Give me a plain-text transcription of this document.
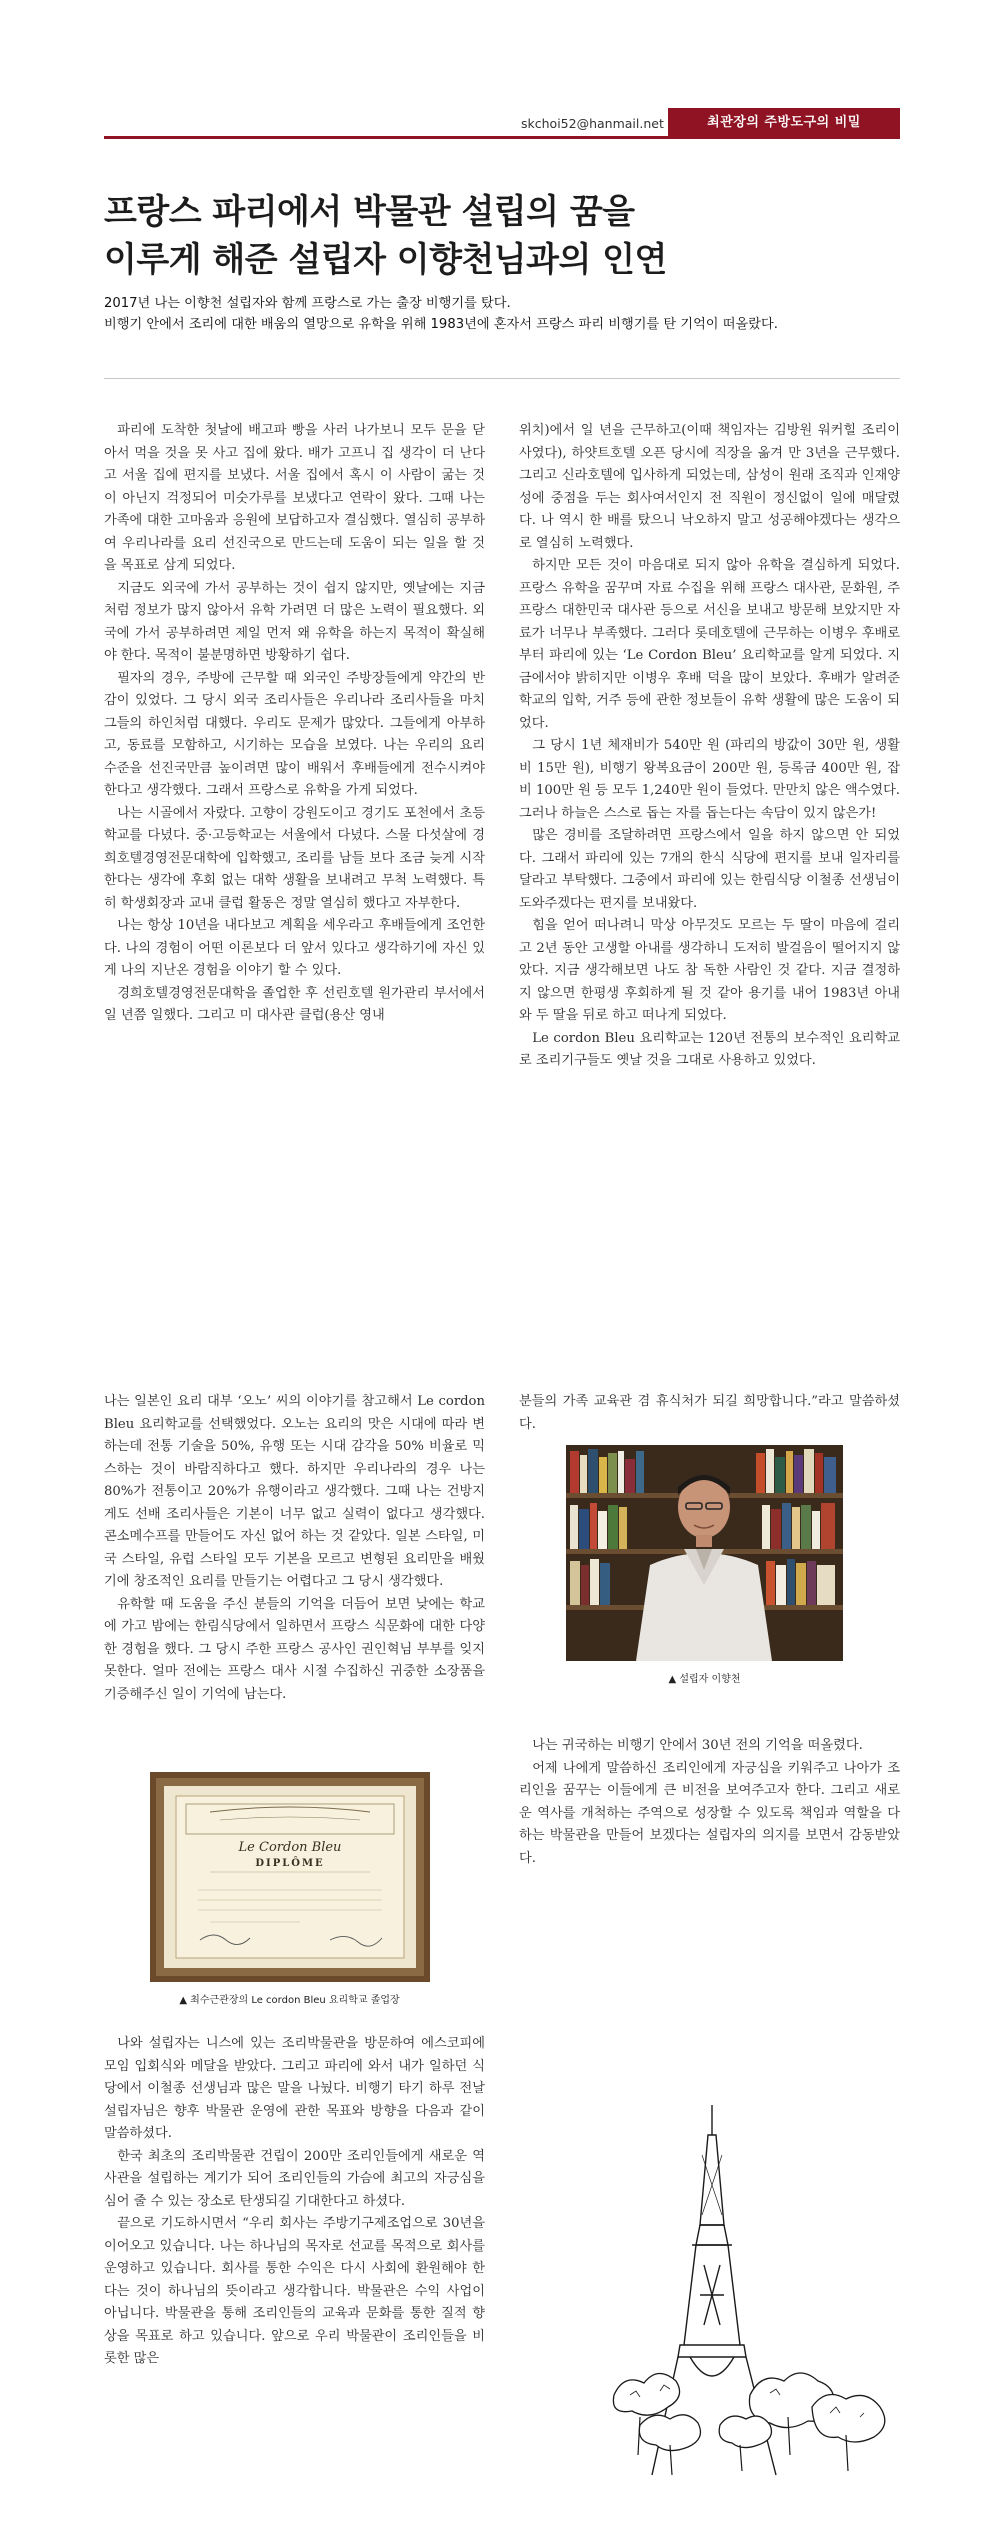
skchoi52@hanmail.net	최관장의 주방도구의 비밀
프랑스 파리에서 박물관 설립의 꿈을
이루게 해준 설립자 이향천님과의 인연
2017년 나는 이향천 설립자와 함께 프랑스로 가는 출장 비행기를 탔다.
비행기 안에서 조리에 대한 배움의 열망으로 유학을 위해 1983년에 혼자서 프랑스 파리 비행기를 탄 기억이 떠올랐다.

파리에 도착한 첫날에 배고파 빵을 사러 나가보니 모두 문을 닫아서 먹을 것을 못 사고 집에 왔다. 배가 고프니 집 생각이 더 난다고 서울 집에 편지를 보냈다. 서울 집에서 혹시 이 사람이 굶는 것이 아닌지 걱정되어 미숫가루를 보냈다고 연락이 왔다. 그때 나는 가족에 대한 고마움과 응원에 보답하고자 결심했다. 열심히 공부하여 우리나라를 요리 선진국으로 만드는데 도움이 되는 일을 할 것을 목표로 삼게 되었다.

지금도 외국에 가서 공부하는 것이 쉽지 않지만, 옛날에는 지금처럼 정보가 많지 않아서 유학 가려면 더 많은 노력이 필요했다. 외국에 가서 공부하려면 제일 먼저 왜 유학을 하는지 목적이 확실해야 한다. 목적이 불분명하면 방황하기 쉽다.

필자의 경우, 주방에 근무할 때 외국인 주방장들에게 약간의 반감이 있었다. 그 당시 외국 조리사들은 우리나라 조리사들을 마치 그들의 하인처럼 대했다. 우리도 문제가 많았다. 그들에게 아부하고, 동료를 모함하고, 시기하는 모습을 보였다. 나는 우리의 요리 수준을 선진국만큼 높이려면 많이 배워서 후배들에게 전수시켜야 한다고 생각했다. 그래서 프랑스로 유학을 가게 되었다.

나는 시골에서 자랐다. 고향이 강원도이고 경기도 포천에서 초등학교를 다녔다. 중·고등학교는 서울에서 다녔다. 스물 다섯살에 경희호텔경영전문대학에 입학했고, 조리를 남들 보다 조금 늦게 시작한다는 생각에 후회 없는 대학 생활을 보내려고 무척 노력했다. 특히 학생회장과 교내 클럽 활동은 정말 열심히 했다고 자부한다.

나는 항상 10년을 내다보고 계획을 세우라고 후배들에게 조언한다. 나의 경험이 어떤 이론보다 더 앞서 있다고 생각하기에 자신 있게 나의 지난온 경험을 이야기 할 수 있다.

경희호텔경영전문대학을 졸업한 후 선린호텔 원가관리 부서에서 일 년쯤 일했다. 그리고 미 대사관 클럽(용산 영내

위치)에서 일 년을 근무하고(이때 책임자는 김방원 워커힐 조리이사였다), 하얏트호텔 오픈 당시에 직장을 옮겨 만 3년을 근무했다. 그리고 신라호텔에 입사하게 되었는데, 삼성이 원래 조직과 인재양성에 중점을 두는 회사여서인지 전 직원이 정신없이 일에 매달렸다. 나 역시 한 배를 탔으니 낙오하지 말고 성공해야겠다는 생각으로 열심히 노력했다.

하지만 모든 것이 마음대로 되지 않아 유학을 결심하게 되었다. 프랑스 유학을 꿈꾸며 자료 수집을 위해 프랑스 대사관, 문화원, 주 프랑스 대한민국 대사관 등으로 서신을 보내고 방문해 보았지만 자료가 너무나 부족했다. 그러다 롯데호텔에 근무하는 이병우 후배로부터 파리에 있는 ‘Le Cordon Bleu’ 요리학교를 알게 되었다. 지금에서야 밝히지만 이병우 후배 덕을 많이 보았다. 후배가 알려준 학교의 입학, 거주 등에 관한 정보들이 유학 생활에 많은 도움이 되었다.

그 당시 1년 체재비가 540만 원 (파리의 방값이 30만 원, 생활비 15만 원), 비행기 왕복요금이 200만 원, 등록금 400만 원, 잡비 100만 원 등 모두 1,240만 원이 들었다. 만만치 않은 액수였다. 그러나 하늘은 스스로 돕는 자를 돕는다는 속담이 있지 않은가!

많은 경비를 조달하려면 프랑스에서 일을 하지 않으면 안 되었다. 그래서 파리에 있는 7개의 한식 식당에 편지를 보내 일자리를 달라고 부탁했다. 그중에서 파리에 있는 한림식당 이철종 선생님이 도와주겠다는 편지를 보내왔다.

힘을 얻어 떠나려니 막상 아무것도 모르는 두 딸이 마음에 걸리고 2년 동안 고생할 아내를 생각하니 도저히 발걸음이 떨어지지 않았다. 지금 생각해보면 나도 참 독한 사람인 것 같다. 지금 결정하지 않으면 한평생 후회하게 될 것 같아 용기를 내어 1983년 아내와 두 딸을 뒤로 하고 떠나게 되었다.

Le cordon Bleu 요리학교는 120년 전통의 보수적인 요리학교로 조리기구들도 옛날 것을 그대로 사용하고 있었다.

나는 일본인 요리 대부 ‘오노’ 씨의 이야기를 참고해서 Le cordon Bleu 요리학교를 선택했었다. 오노는 요리의 맛은 시대에 따라 변하는데 전통 기술을 50%, 유행 또는 시대 감각을 50% 비율로 믹스하는 것이 바람직하다고 했다. 하지만 우리나라의 경우 나는 80%가 전통이고 20%가 유행이라고 생각했다. 그때 나는 건방지게도 선배 조리사들은 기본이 너무 없고 실력이 없다고 생각했다. 콘소메수프를 만들어도 자신 없어 하는 것 같았다. 일본 스타일, 미국 스타일, 유럽 스타일 모두 기본을 모르고 변형된 요리만을 배웠기에 창조적인 요리를 만들기는 어렵다고 그 당시 생각했다.

유학할 때 도움을 주신 분들의 기억을 더듬어 보면 낮에는 학교에 가고 밤에는 한림식당에서 일하면서 프랑스 식문화에 대한 다양한 경험을 했다. 그 당시 주한 프랑스 공사인 권인혁님 부부를 잊지 못한다. 얼마 전에는 프랑스 대사 시절 수집하신 귀중한 소장품을 기증해주신 일이 기억에 남는다.

분들의 가족 교육관 겸 휴식처가 되길 희망합니다.”라고 말씀하셨다.

▲ 설립자 이향천

나는 귀국하는 비행기 안에서 30년 전의 기억을 떠올렸다.

어제 나에게 말씀하신 조리인에게 자긍심을 키워주고 나아가 조리인을 꿈꾸는 이들에게 큰 비전을 보여주고자 한다. 그리고 새로운 역사를 개척하는 주역으로 성장할 수 있도록 책임과 역할을 다하는 박물관을 만들어 보겠다는 설립자의 의지를 보면서 감동받았다.

Le Cordon Bleu
DIPLÔME
▲ 최수근관장의 Le cordon Bleu 요리학교 졸업장

나와 설립자는 니스에 있는 조리박물관을 방문하여 에스코피에 모임 입회식와 메달을 받았다. 그리고 파리에 와서 내가 일하던 식당에서 이철종 선생님과 많은 말을 나눴다. 비행기 타기 하루 전날 설립자님은 향후 박물관 운영에 관한 목표와 방향을 다음과 같이 말씀하셨다.

한국 최초의 조리박물관 건립이 200만 조리인들에게 새로운 역사관을 설립하는 계기가 되어 조리인들의 가슴에 최고의 자긍심을 심어 줄 수 있는 장소로 탄생되길 기대한다고 하셨다.

끝으로 기도하시면서 “우리 회사는 주방기구제조업으로 30년을 이어오고 있습니다. 나는 하나님의 목자로 선교를 목적으로 회사를 운영하고 있습니다. 회사를 통한 수익은 다시 사회에 환원해야 한다는 것이 하나님의 뜻이라고 생각합니다. 박물관은 수익 사업이 아닙니다. 박물관을 통해 조리인들의 교육과 문화를 통한 질적 향상을 목표로 하고 있습니다. 앞으로 우리 박물관이 조리인들을 비롯한 많은
